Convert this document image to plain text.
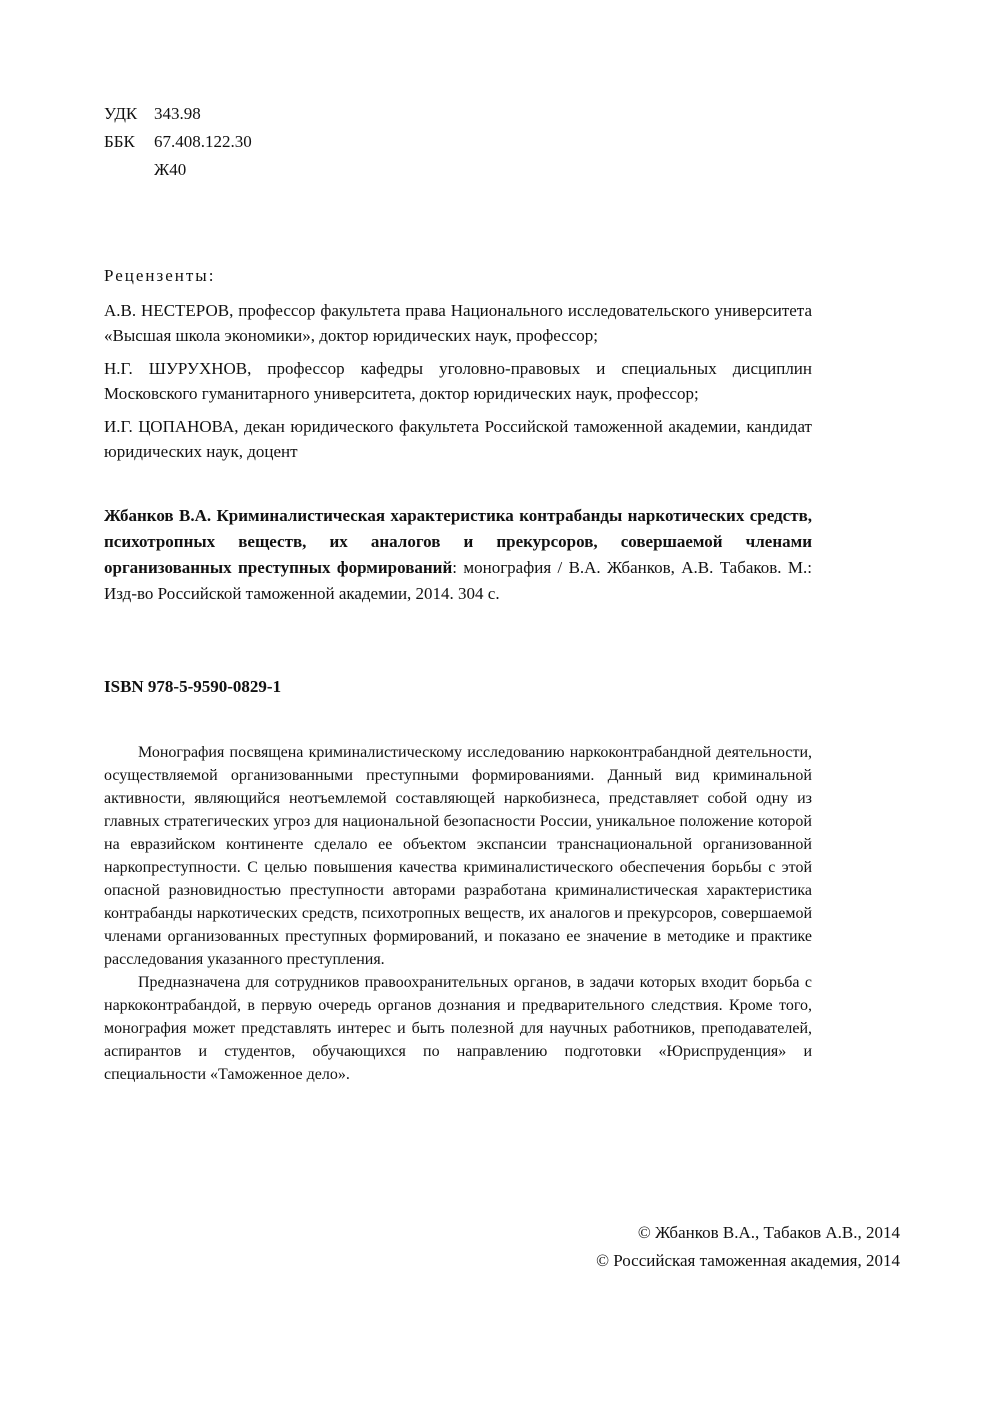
УДК 343.98
ББК	67.408.122.30
Ж40
Рецензенты:

А.В. НЕСТЕРОВ, профессор факультета права Национального исследовательского университета «Высшая школа экономики», доктор юридических наук, профессор;

Н.Г. ШУРУХНОВ, профессор кафедры уголовно-правовых и специальных дисциплин Московского гуманитарного университета, доктор юридических наук, профессор;

И.Г. ЦОПАНОВА, декан юридического факультета Российской таможенной академии, кандидат юридических наук, доцент

Жбанков В.А. Криминалистическая характеристика контрабанды наркотических средств, психотропных веществ, их аналогов и прекурсоров, совершаемой членами организованных преступных формирований: монография / В.А. Жбанков, А.В. Табаков. М.: Изд-во Российской таможенной академии, 2014. 304 с.

ISBN 978-5-9590-0829-1

Монография посвящена криминалистическому исследованию наркоконтрабандной деятельности, осуществляемой организованными преступными формированиями. Данный вид криминальной активности, являющийся неотъемлемой составляющей наркобизнеса, представляет собой одну из главных стратегических угроз для национальной безопасности России, уникальное положение которой на евразийском континенте сделало ее объектом экспансии транснациональной организованной наркопреступности. С целью повышения качества криминалистического обеспечения борьбы с этой опасной разновидностью преступности авторами разработана криминалистическая характеристика контрабанды наркотических средств, психотропных веществ, их аналогов и прекурсоров, совершаемой членами организованных преступных формирований, и показано ее значение в методике и практике расследования указанного преступления.

Предназначена для сотрудников правоохранительных органов, в задачи которых входит борьба с наркоконтрабандой, в первую очередь органов дознания и предварительного следствия. Кроме того, монография может представлять интерес и быть полезной для научных работников, преподавателей, аспирантов и студентов, обучающихся по направлению подготовки «Юриспруденция» и специальности «Таможенное дело».

© Жбанков В.А., Табаков А.В., 2014
© Российская таможенная академия, 2014
